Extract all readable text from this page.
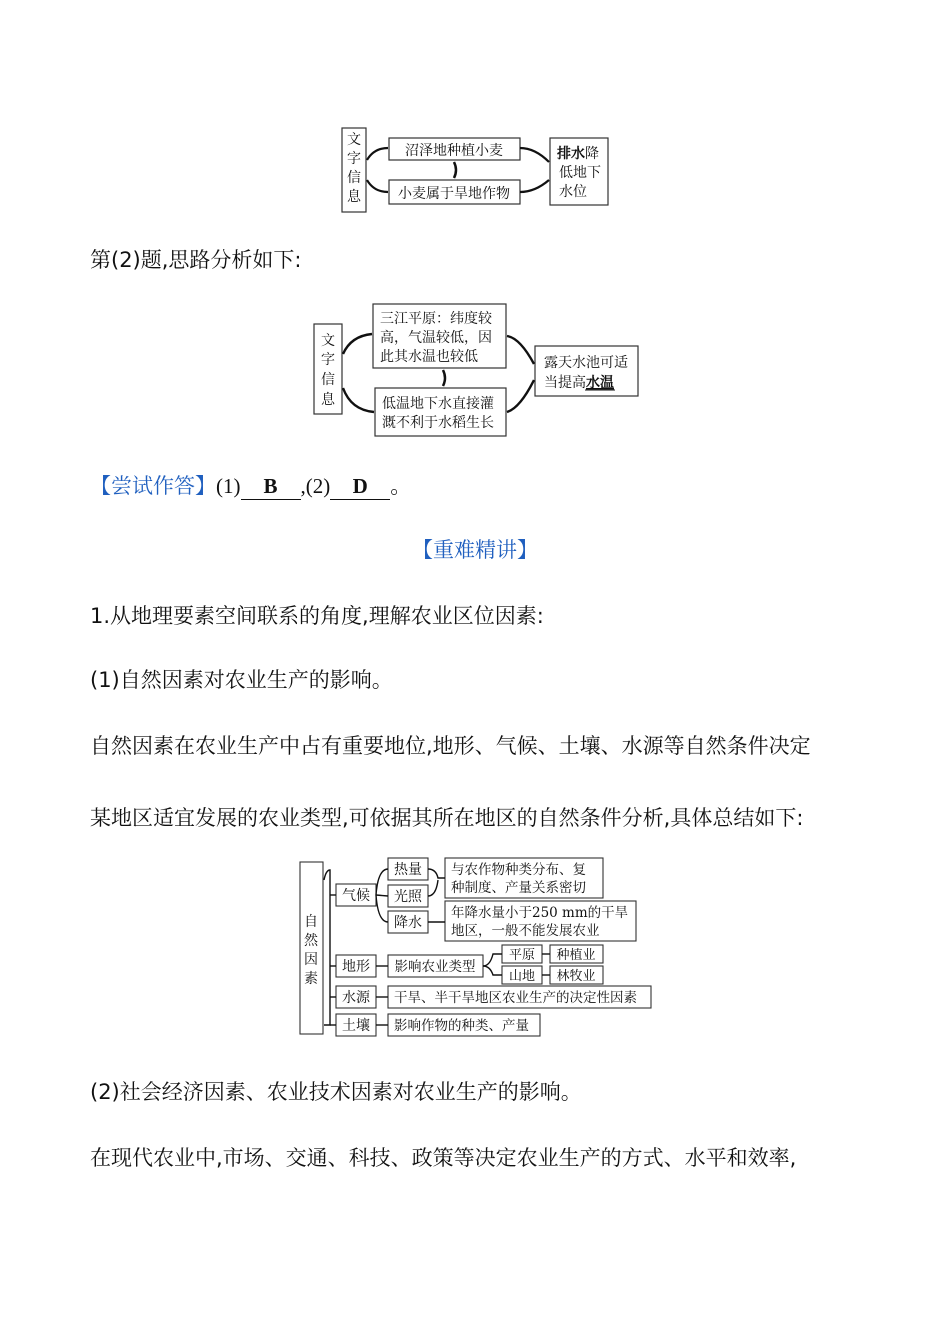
文
字
信
息
沼泽地种植小麦
小麦属于旱地作物
排水降
低地下
水位
第(2)题,思路分析如下:
文
字
信
息
三江平原：纬度较
高，气温较低，因
此其水温也较低
低温地下水直接灌
溉不利于水稻生长
露天水池可适
当提高水温
【尝试作答】(1) B ,(2) D 。
【重难精讲】
1.从地理要素空间联系的角度,理解农业区位因素:
(1)自然因素对农业生产的影响。
自然因素在农业生产中占有重要地位,地形、气候、土壤、水源等自然条件决定
某地区适宜发展的农业类型,可依据其所在地区的自然条件分析,具体总结如下:
自
然
因
素
气候
热量
光照
降水
与农作物种类分布、复
种制度、产量关系密切
年降水量小于250 mm的干旱
地区，一般不能发展农业
地形 影响农业类型
平原
山地
种植业
林牧业
水源 干旱、半干旱地区农业生产的决定性因素
土壤 影响作物的种类、产量
(2)社会经济因素、农业技术因素对农业生产的影响。
在现代农业中,市场、交通、科技、政策等决定农业生产的方式、水平和效率,
